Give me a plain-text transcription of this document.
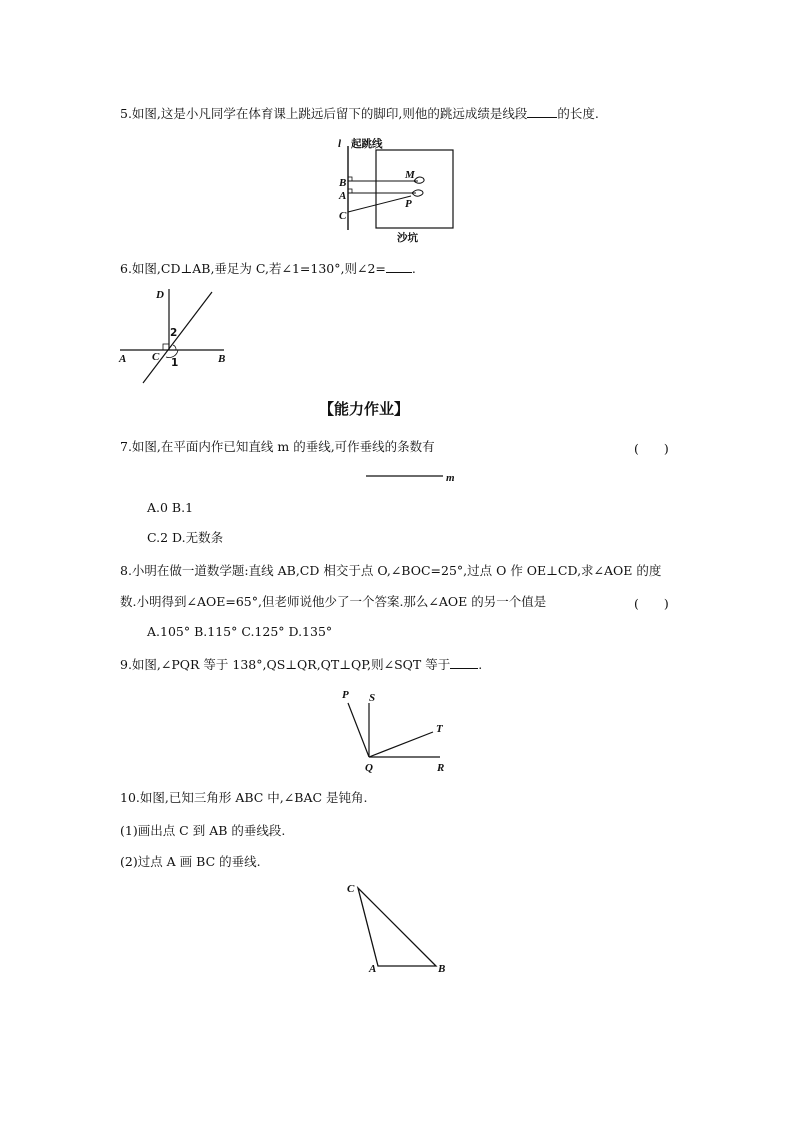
5.如图,这是小凡同学在体育课上跳远后留下的脚印,则他的跳远成绩是线段 的长度.
l 起跳线
B
A
C
M
P
沙坑
6.如图,CD⊥AB,垂足为 C,若∠1=130°,则∠2= .
D
A C	B
1
2
【能力作业】
7.如图,在平面内作已知直线 m 的垂线,可作垂线的条数有	(　　)
m
A.0 B.1
C.2 D.无数条
8.小明在做一道数学题:直线 AB,CD 相交于点 O,∠BOC=25°,过点 O 作 OE⊥CD,求∠AOE 的度
数.小明得到∠AOE=65°,但老师说他少了一个答案.那么∠AOE 的另一个值是	(　　)
A.105° B.115° C.125° D.135°
9.如图,∠PQR 等于 138°,QS⊥QR,QT⊥QP,则∠SQT 等于 .
P S
T
Q	R
10.如图,已知三角形 ABC 中,∠BAC 是钝角.
(1)画出点 C 到 AB 的垂线段.
(2)过点 A 画 BC 的垂线.
C
A	B
